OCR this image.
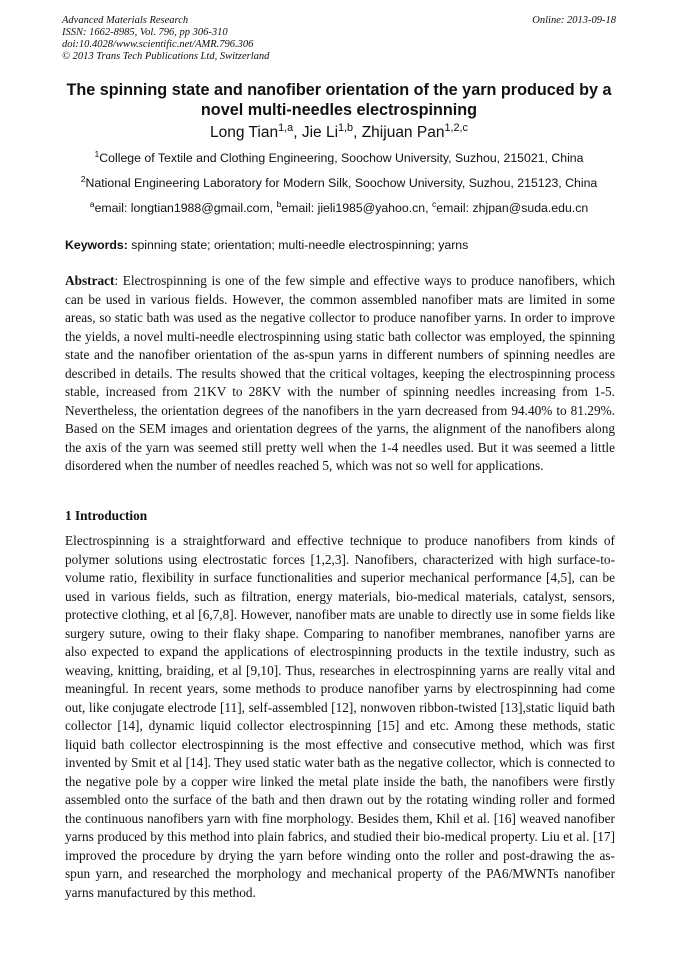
Advanced Materials Research
ISSN: 1662-8985, Vol. 796, pp 306-310
doi:10.4028/www.scientific.net/AMR.796.306
© 2013 Trans Tech Publications Ltd, Switzerland
Online: 2013-09-18
The spinning state and nanofiber orientation of the yarn produced by a novel multi-needles electrospinning
Long Tian$^{1,a}$, Jie Li$^{1,b}$, Zhijuan Pan$^{1,2,c}$
$^1$College of Textile and Clothing Engineering, Soochow University, Suzhou, 215021, China
$^2$National Engineering Laboratory for Modern Silk, Soochow University, Suzhou, 215123, China
$^a$email: longtian1988@gmail.com, $^b$email: jieli1985@yahoo.cn, $^c$email: zhjpan@suda.edu.cn
Keywords: spinning state; orientation; multi-needle electrospinning; yarns
Abstract: Electrospinning is one of the few simple and effective ways to produce nanofibers, which can be used in various fields. However, the common assembled nanofiber mats are limited in some areas, so static bath was used as the negative collector to produce nanofiber yarns. In order to improve the yields, a novel multi-needle electrospinning using static bath collector was employed, the spinning state and the nanofiber orientation of the as-spun yarns in different numbers of spinning needles are described in details. The results showed that the critical voltages, keeping the electrospinning process stable, increased from 21KV to 28KV with the number of spinning needles increasing from 1-5. Nevertheless, the orientation degrees of the nanofibers in the yarn decreased from 94.40% to 81.29%. Based on the SEM images and orientation degrees of the yarns, the alignment of the nanofibers along the axis of the yarn was seemed still pretty well when the 1-4 needles used. But it was seemed a little disordered when the number of needles reached 5, which was not so well for applications.
1 Introduction
Electrospinning is a straightforward and effective technique to produce nanofibers from kinds of polymer solutions using electrostatic forces [1,2,3]. Nanofibers, characterized with high surface-to-volume ratio, flexibility in surface functionalities and superior mechanical performance [4,5], can be used in various fields, such as filtration, energy materials, bio-medical materials, catalyst, sensors, protective clothing, et al [6,7,8]. However, nanofiber mats are unable to directly use in some fields like surgery suture, owing to their flaky shape. Comparing to nanofiber membranes, nanofiber yarns are also expected to expand the applications of electrospinning products in the textile industry, such as weaving, knitting, braiding, et al [9,10]. Thus, researches in electrospinning yarns are really vital and meaningful. In recent years, some methods to produce nanofiber yarns by electrospinning had come out, like conjugate electrode [11], self-assembled [12], nonwoven ribbon-twisted [13],static liquid bath collector [14], dynamic liquid collector electrospinning [15] and etc. Among these methods, static liquid bath collector electrospinning is the most effective and consecutive method, which was first invented by Smit et al [14]. They used static water bath as the negative collector, which is connected to the negative pole by a copper wire linked the metal plate inside the bath, the nanofibers were firstly assembled onto the surface of the bath and then drawn out by the rotating winding roller and formed the continuous nanofibers yarn with fine morphology. Besides them, Khil et al. [16] weaved nanofiber yarns produced by this method into plain fabrics, and studied their bio-medical property. Liu et al. [17] improved the procedure by drying the yarn before winding onto the roller and post-drawing the as-spun yarn, and researched the morphology and mechanical property of the PA6/MWNTs nanofiber yarns manufactured by this method.
